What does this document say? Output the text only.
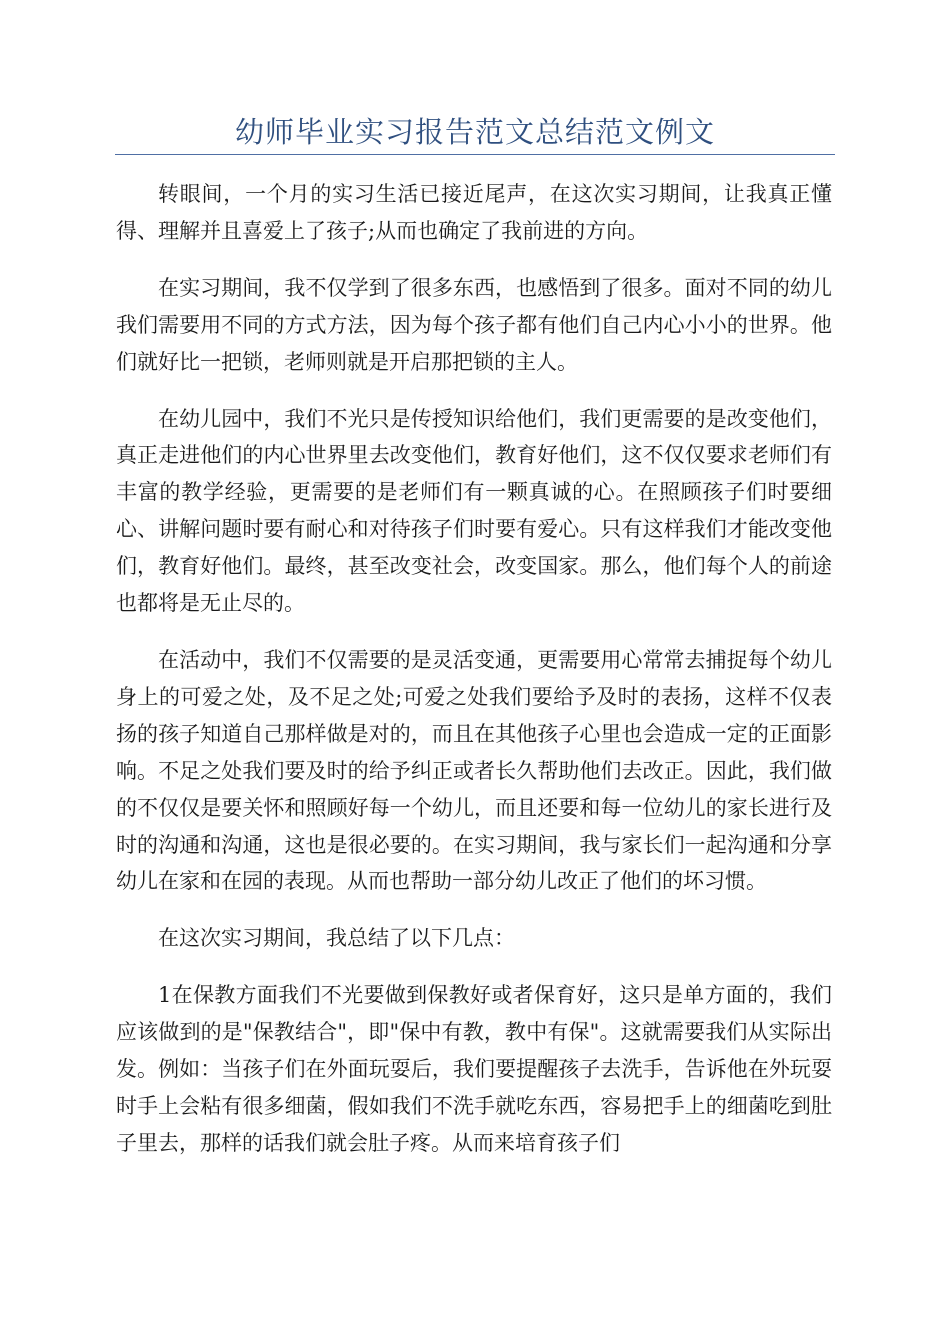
幼师毕业实习报告范文总结范文例文

转眼间，一个月的实习生活已接近尾声，在这次实习期间，让我真正懂得、理解并且喜爱上了孩子;从而也确定了我前进的方向。

在实习期间，我不仅学到了很多东西，也感悟到了很多。面对不同的幼儿我们需要用不同的方式方法，因为每个孩子都有他们自己内心小小的世界。他们就好比一把锁，老师则就是开启那把锁的主人。

在幼儿园中，我们不光只是传授知识给他们，我们更需要的是改变他们，真正走进他们的内心世界里去改变他们，教育好他们，这不仅仅要求老师们有丰富的教学经验，更需要的是老师们有一颗真诚的心。在照顾孩子们时要细心、讲解问题时要有耐心和对待孩子们时要有爱心。只有这样我们才能改变他们，教育好他们。最终，甚至改变社会，改变国家。那么，他们每个人的前途也都将是无止尽的。

在活动中，我们不仅需要的是灵活变通，更需要用心常常去捕捉每个幼儿身上的可爱之处，及不足之处;可爱之处我们要给予及时的表扬，这样不仅表扬的孩子知道自己那样做是对的，而且在其他孩子心里也会造成一定的正面影响。不足之处我们要及时的给予纠正或者长久帮助他们去改正。因此，我们做的不仅仅是要关怀和照顾好每一个幼儿，而且还要和每一位幼儿的家长进行及时的沟通和沟通，这也是很必要的。在实习期间，我与家长们一起沟通和分享幼儿在家和在园的表现。从而也帮助一部分幼儿改正了他们的坏习惯。

在这次实习期间，我总结了以下几点：

1在保教方面我们不光要做到保教好或者保育好，这只是单方面的，我们应该做到的是"保教结合"，即"保中有教，教中有保"。这就需要我们从实际出发。例如：当孩子们在外面玩耍后，我们要提醒孩子去洗手，告诉他在外玩耍时手上会粘有很多细菌，假如我们不洗手就吃东西，容易把手上的细菌吃到肚子里去，那样的话我们就会肚子疼。从而来培育孩子们
